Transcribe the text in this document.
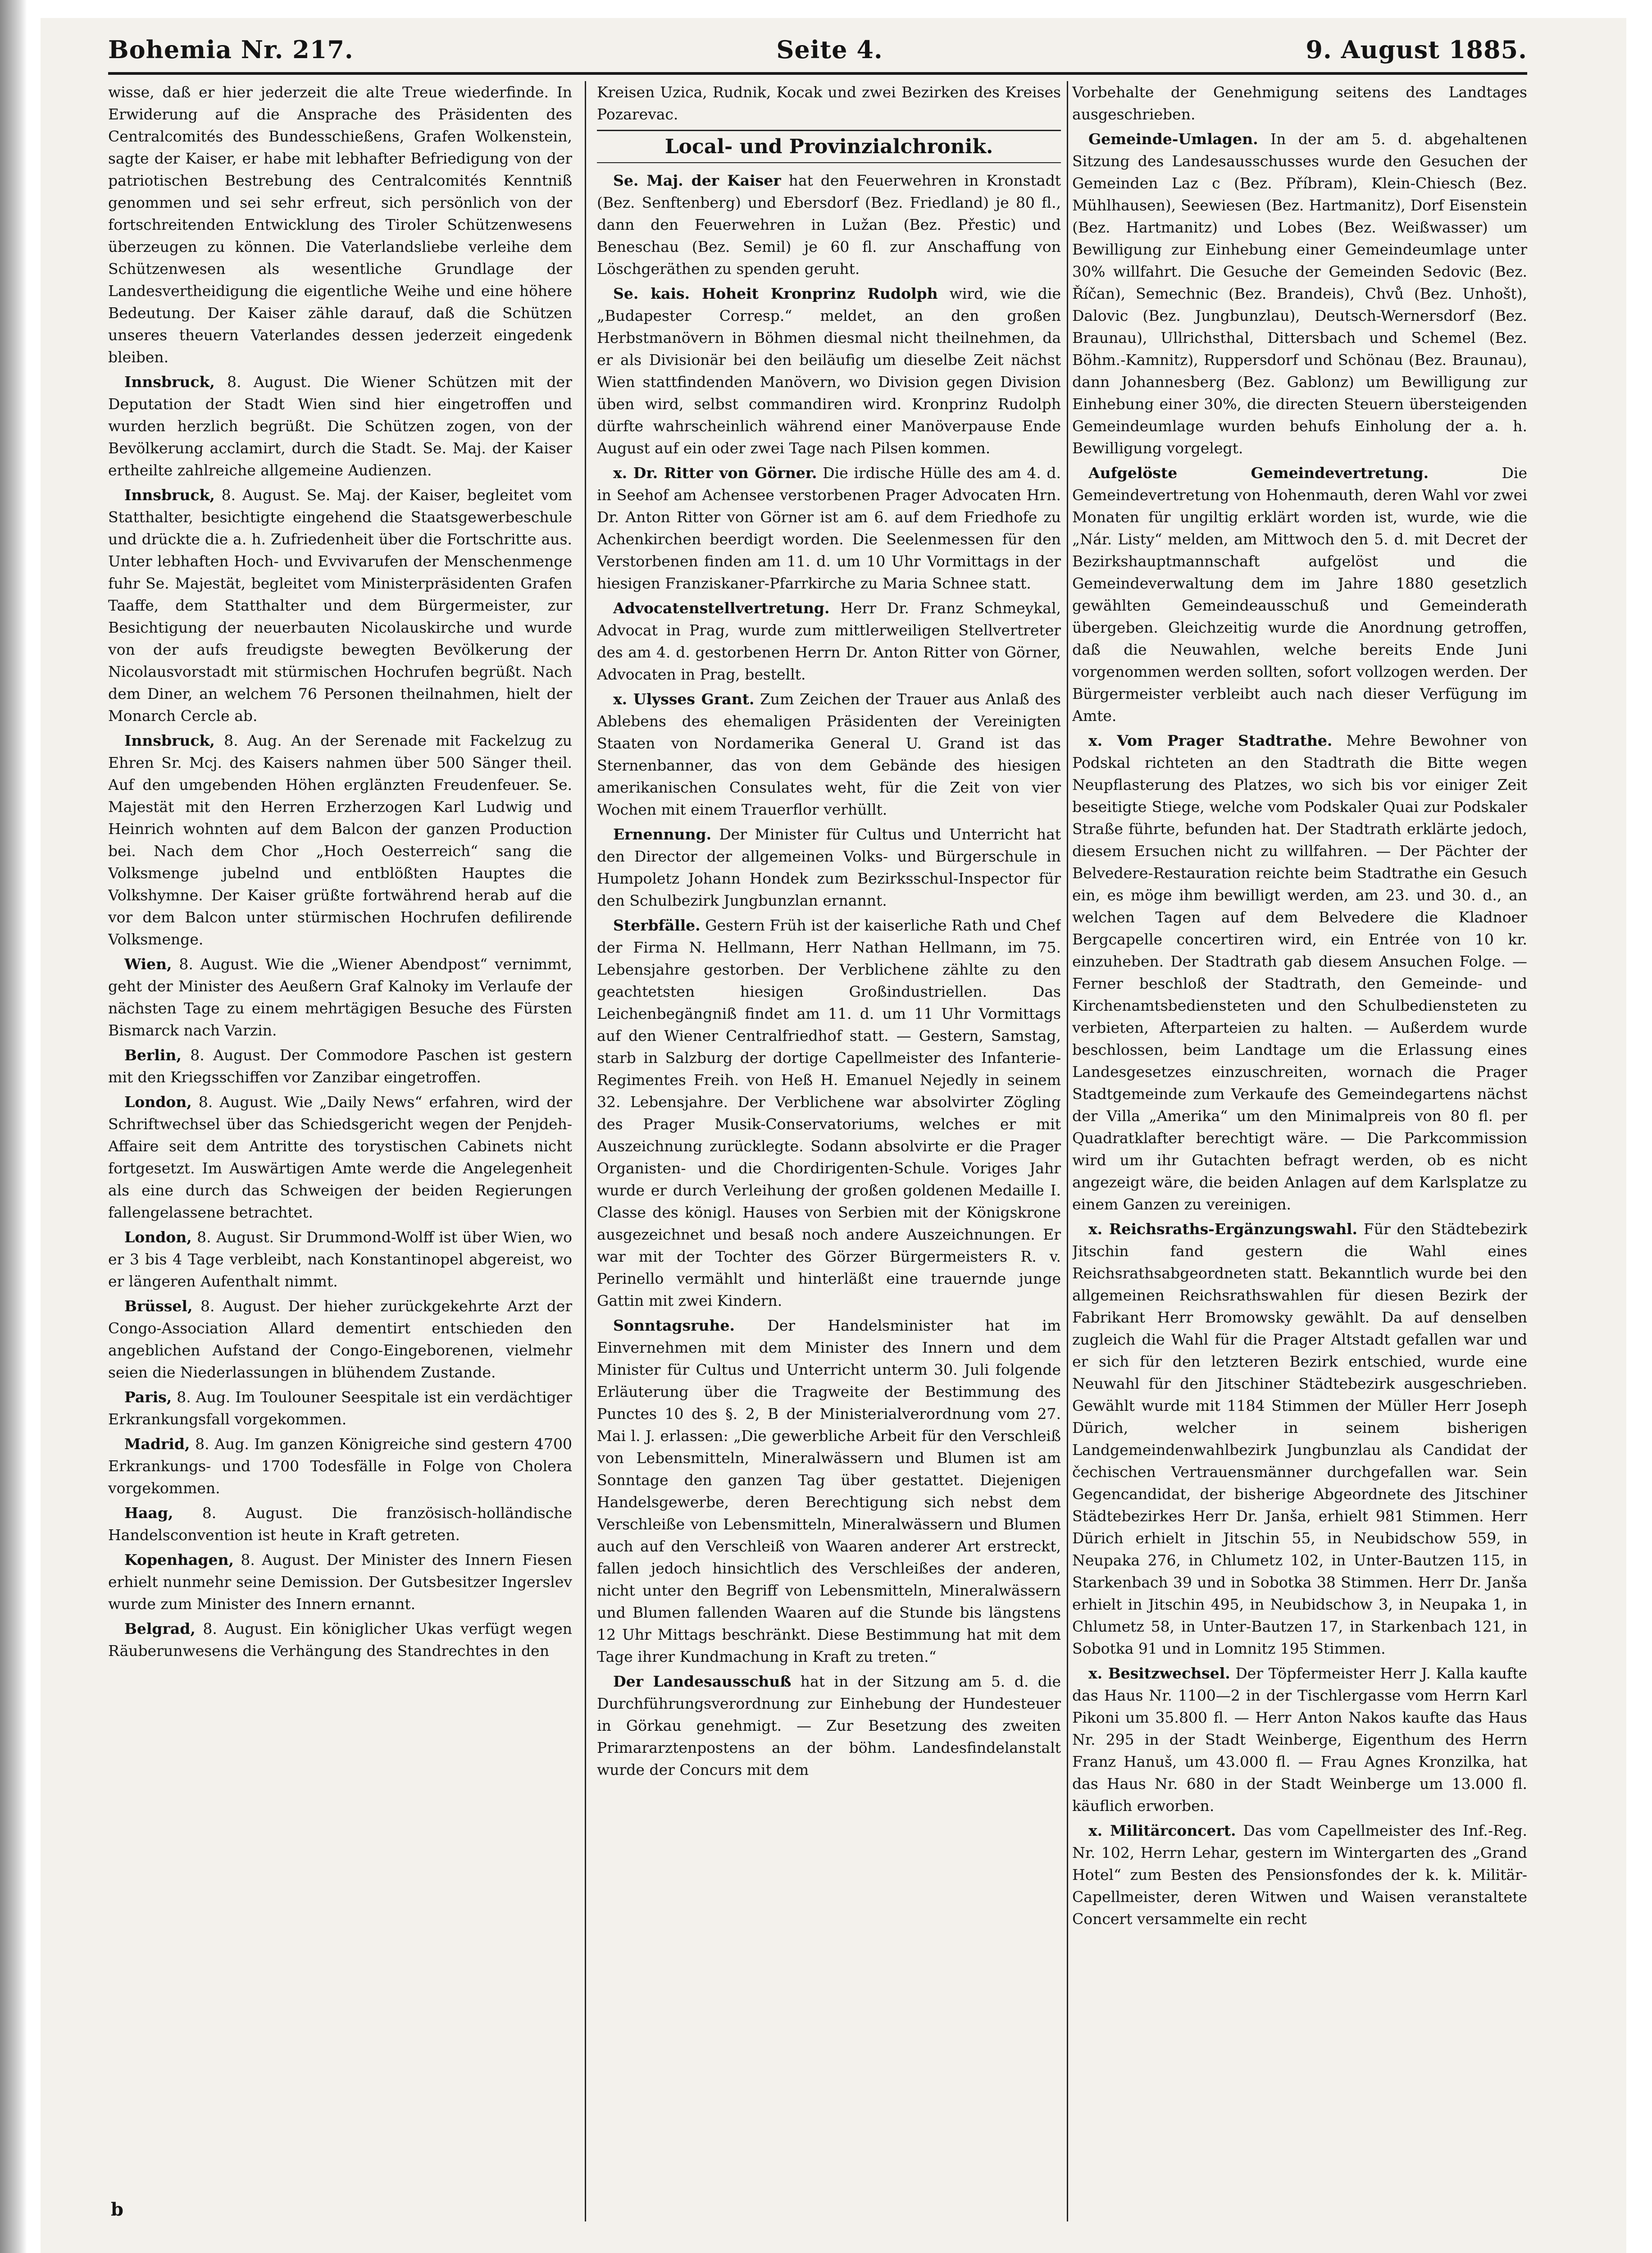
Bohemia Nr. 217.	Seite 4.	9. August 1885.

wisse, daß er hier jederzeit die alte Treue wiederfinde. In Erwiderung auf die Ansprache des Präsidenten des Centralcomités des Bundesschießens, Grafen Wolkenstein, sagte der Kaiser, er habe mit lebhafter Befriedigung von der patriotischen Bestrebung des Centralcomités Kenntniß genommen und sei sehr erfreut, sich persönlich von der fortschreitenden Entwicklung des Tiroler Schützenwesens überzeugen zu können. Die Vaterlandsliebe verleihe dem Schützenwesen als wesentliche Grundlage der Landesvertheidigung die eigentliche Weihe und eine höhere Bedeutung. Der Kaiser zähle darauf, daß die Schützen unseres theuern Vaterlandes dessen jederzeit eingedenk bleiben.

Innsbruck, 8. August. Die Wiener Schützen mit der Deputation der Stadt Wien sind hier eingetroffen und wurden herzlich begrüßt. Die Schützen zogen, von der Bevölkerung acclamirt, durch die Stadt. Se. Maj. der Kaiser ertheilte zahlreiche allgemeine Audienzen.

Innsbruck, 8. August. Se. Maj. der Kaiser, begleitet vom Statthalter, besichtigte eingehend die Staatsgewerbeschule und drückte die a. h. Zufriedenheit über die Fortschritte aus. Unter lebhaften Hoch- und Evvivarufen der Menschenmenge fuhr Se. Majestät, begleitet vom Ministerpräsidenten Grafen Taaffe, dem Statthalter und dem Bürgermeister, zur Besichtigung der neuerbauten Nicolauskirche und wurde von der aufs freudigste bewegten Bevölkerung der Nicolausvorstadt mit stürmischen Hochrufen begrüßt. Nach dem Diner, an welchem 76 Personen theilnahmen, hielt der Monarch Cercle ab.

Innsbruck, 8. Aug. An der Serenade mit Fackelzug zu Ehren Sr. Mcj. des Kaisers nahmen über 500 Sänger theil. Auf den umgebenden Höhen erglänzten Freudenfeuer. Se. Majestät mit den Herren Erzherzogen Karl Ludwig und Heinrich wohnten auf dem Balcon der ganzen Production bei. Nach dem Chor „Hoch Oesterreich“ sang die Volksmenge jubelnd und entblößten Hauptes die Volkshymne. Der Kaiser grüßte fortwährend herab auf die vor dem Balcon unter stürmischen Hochrufen defilirende Volksmenge.

Wien, 8. August. Wie die „Wiener Abendpost“ vernimmt, geht der Minister des Aeußern Graf Kalnoky im Verlaufe der nächsten Tage zu einem mehrtägigen Besuche des Fürsten Bismarck nach Varzin.

Berlin, 8. August. Der Commodore Paschen ist gestern mit den Kriegsschiffen vor Zanzibar eingetroffen.

London, 8. August. Wie „Daily News“ erfahren, wird der Schriftwechsel über das Schiedsgericht wegen der Penjdeh-Affaire seit dem Antritte des torystischen Cabinets nicht fortgesetzt. Im Auswärtigen Amte werde die Angelegenheit als eine durch das Schweigen der beiden Regierungen fallengelassene betrachtet.

London, 8. August. Sir Drummond-Wolff ist über Wien, wo er 3 bis 4 Tage verbleibt, nach Konstantinopel abgereist, wo er längeren Aufenthalt nimmt.

Brüssel, 8. August. Der hieher zurückgekehrte Arzt der Congo-Association Allard dementirt entschieden den angeblichen Aufstand der Congo-Eingeborenen, vielmehr seien die Niederlassungen in blühendem Zustande.

Paris, 8. Aug. Im Toulouner Seespitale ist ein verdächtiger Erkrankungsfall vorgekommen.

Madrid, 8. Aug. Im ganzen Königreiche sind gestern 4700 Erkrankungs- und 1700 Todesfälle in Folge von Cholera vorgekommen.

Haag, 8. August. Die französisch-holländische Handelsconvention ist heute in Kraft getreten.

Kopenhagen, 8. August. Der Minister des Innern Fiesen erhielt nunmehr seine Demission. Der Gutsbesitzer Ingerslev wurde zum Minister des Innern ernannt.

Belgrad, 8. August. Ein königlicher Ukas verfügt wegen Räuberunwesens die Verhängung des Standrechtes in den

Kreisen Uzica, Rudnik, Kocak und zwei Bezirken des Kreises Pozarevac.

Local- und Provinzialchronik.

Se. Maj. der Kaiser hat den Feuerwehren in Kronstadt (Bez. Senftenberg) und Ebersdorf (Bez. Friedland) je 80 fl., dann den Feuerwehren in Lužan (Bez. Přestic) und Beneschau (Bez. Semil) je 60 fl. zur Anschaffung von Löschgeräthen zu spenden geruht.

Se. kais. Hoheit Kronprinz Rudolph wird, wie die „Budapester Corresp.“ meldet, an den großen Herbstmanövern in Böhmen diesmal nicht theilnehmen, da er als Divisionär bei den beiläufig um dieselbe Zeit nächst Wien stattfindenden Manövern, wo Division gegen Division üben wird, selbst commandiren wird. Kronprinz Rudolph dürfte wahrscheinlich während einer Manöverpause Ende August auf ein oder zwei Tage nach Pilsen kommen.

x. Dr. Ritter von Görner. Die irdische Hülle des am 4. d. in Seehof am Achensee verstorbenen Prager Advocaten Hrn. Dr. Anton Ritter von Görner ist am 6. auf dem Friedhofe zu Achenkirchen beerdigt worden. Die Seelenmessen für den Verstorbenen finden am 11. d. um 10 Uhr Vormittags in der hiesigen Franziskaner-Pfarrkirche zu Maria Schnee statt.

Advocatenstellvertretung. Herr Dr. Franz Schmeykal, Advocat in Prag, wurde zum mittlerweiligen Stellvertreter des am 4. d. gestorbenen Herrn Dr. Anton Ritter von Görner, Advocaten in Prag, bestellt.

x. Ulysses Grant. Zum Zeichen der Trauer aus Anlaß des Ablebens des ehemaligen Präsidenten der Vereinigten Staaten von Nordamerika General U. Grand ist das Sternenbanner, das von dem Gebände des hiesigen amerikanischen Consulates weht, für die Zeit von vier Wochen mit einem Trauerflor verhüllt.

Ernennung. Der Minister für Cultus und Unterricht hat den Director der allgemeinen Volks- und Bürgerschule in Humpoletz Johann Hondek zum Bezirksschul-Inspector für den Schulbezirk Jungbunzlan ernannt.

Sterbfälle. Gestern Früh ist der kaiserliche Rath und Chef der Firma N. Hellmann, Herr Nathan Hellmann, im 75. Lebensjahre gestorben. Der Verblichene zählte zu den geachtetsten hiesigen Großindustriellen. Das Leichenbegängniß findet am 11. d. um 11 Uhr Vormittags auf den Wiener Centralfriedhof statt. — Gestern, Samstag, starb in Salzburg der dortige Capellmeister des Infanterie-Regimentes Freih. von Heß H. Emanuel Nejedly in seinem 32. Lebensjahre. Der Verblichene war absolvirter Zögling des Prager Musik-Conservatoriums, welches er mit Auszeichnung zurücklegte. Sodann absolvirte er die Prager Organisten- und die Chordirigenten-Schule. Voriges Jahr wurde er durch Verleihung der großen goldenen Medaille I. Classe des königl. Hauses von Serbien mit der Königskrone ausgezeichnet und besaß noch andere Auszeichnungen. Er war mit der Tochter des Görzer Bürgermeisters R. v. Perinello vermählt und hinterläßt eine trauernde junge Gattin mit zwei Kindern.

Sonntagsruhe. Der Handelsminister hat im Einvernehmen mit dem Minister des Innern und dem Minister für Cultus und Unterricht unterm 30. Juli folgende Erläuterung über die Tragweite der Bestimmung des Punctes 10 des §. 2, B der Ministerialverordnung vom 27. Mai l. J. erlassen: „Die gewerbliche Arbeit für den Verschleiß von Lebensmitteln, Mineralwässern und Blumen ist am Sonntage den ganzen Tag über gestattet. Diejenigen Handelsgewerbe, deren Berechtigung sich nebst dem Verschleiße von Lebensmitteln, Mineralwässern und Blumen auch auf den Verschleiß von Waaren anderer Art erstreckt, fallen jedoch hinsichtlich des Verschleißes der anderen, nicht unter den Begriff von Lebensmitteln, Mineralwässern und Blumen fallenden Waaren auf die Stunde bis längstens 12 Uhr Mittags beschränkt. Diese Bestimmung hat mit dem Tage ihrer Kundmachung in Kraft zu treten.“

Der Landesausschuß hat in der Sitzung am 5. d. die Durchführungsverordnung zur Einhebung der Hundesteuer in Görkau genehmigt. — Zur Besetzung des zweiten Primararztenpostens an der böhm. Landesfindelanstalt wurde der Concurs mit dem

Vorbehalte der Genehmigung seitens des Landtages ausgeschrieben.

Gemeinde-Umlagen. In der am 5. d. abgehaltenen Sitzung des Landesausschusses wurde den Gesuchen der Gemeinden Laz c (Bez. Příbram), Klein-Chiesch (Bez. Mühlhausen), Seewiesen (Bez. Hartmanitz), Dorf Eisenstein (Bez. Hartmanitz) und Lobes (Bez. Weißwasser) um Bewilligung zur Einhebung einer Gemeindeumlage unter 30% willfahrt. Die Gesuche der Gemeinden Sedovic (Bez. Říčan), Semechnic (Bez. Brandeis), Chvů (Bez. Unhošt), Dalovic (Bez. Jungbunzlau), Deutsch-Wernersdorf (Bez. Braunau), Ullrichsthal, Dittersbach und Schemel (Bez. Böhm.-Kamnitz), Ruppersdorf und Schönau (Bez. Braunau), dann Johannesberg (Bez. Gablonz) um Bewilligung zur Einhebung einer 30%, die directen Steuern übersteigenden Gemeindeumlage wurden behufs Einholung der a. h. Bewilligung vorgelegt.

Aufgelöste Gemeindevertretung. Die Gemeindevertretung von Hohenmauth, deren Wahl vor zwei Monaten für ungiltig erklärt worden ist, wurde, wie die „Nár. Listy“ melden, am Mittwoch den 5. d. mit Decret der Bezirkshauptmannschaft aufgelöst und die Gemeindeverwaltung dem im Jahre 1880 gesetzlich gewählten Gemeindeausschuß und Gemeinderath übergeben. Gleichzeitig wurde die Anordnung getroffen, daß die Neuwahlen, welche bereits Ende Juni vorgenommen werden sollten, sofort vollzogen werden. Der Bürgermeister verbleibt auch nach dieser Verfügung im Amte.

x. Vom Prager Stadtrathe. Mehre Bewohner von Podskal richteten an den Stadtrath die Bitte wegen Neupflasterung des Platzes, wo sich bis vor einiger Zeit beseitigte Stiege, welche vom Podskaler Quai zur Podskaler Straße führte, befunden hat. Der Stadtrath erklärte jedoch, diesem Ersuchen nicht zu willfahren. — Der Pächter der Belvedere-Restauration reichte beim Stadtrathe ein Gesuch ein, es möge ihm bewilligt werden, am 23. und 30. d., an welchen Tagen auf dem Belvedere die Kladnoer Bergcapelle concertiren wird, ein Entrée von 10 kr. einzuheben. Der Stadtrath gab diesem Ansuchen Folge. — Ferner beschloß der Stadtrath, den Gemeinde- und Kirchenamtsbediensteten und den Schulbediensteten zu verbieten, Afterparteien zu halten. — Außerdem wurde beschlossen, beim Landtage um die Erlassung eines Landesgesetzes einzuschreiten, wornach die Prager Stadtgemeinde zum Verkaufe des Gemeindegartens nächst der Villa „Amerika“ um den Minimalpreis von 80 fl. per Quadratklafter berechtigt wäre. — Die Parkcommission wird um ihr Gutachten befragt werden, ob es nicht angezeigt wäre, die beiden Anlagen auf dem Karlsplatze zu einem Ganzen zu vereinigen.

x. Reichsraths-Ergänzungswahl. Für den Städtebezirk Jitschin fand gestern die Wahl eines Reichsrathsabgeordneten statt. Bekanntlich wurde bei den allgemeinen Reichsrathswahlen für diesen Bezirk der Fabrikant Herr Bromowsky gewählt. Da auf denselben zugleich die Wahl für die Prager Altstadt gefallen war und er sich für den letzteren Bezirk entschied, wurde eine Neuwahl für den Jitschiner Städtebezirk ausgeschrieben. Gewählt wurde mit 1184 Stimmen der Müller Herr Joseph Dürich, welcher in seinem bisherigen Landgemeindenwahlbezirk Jungbunzlau als Candidat der čechischen Vertrauensmänner durchgefallen war. Sein Gegencandidat, der bisherige Abgeordnete des Jitschiner Städtebezirkes Herr Dr. Janša, erhielt 981 Stimmen. Herr Dürich erhielt in Jitschin 55, in Neubidschow 559, in Neupaka 276, in Chlumetz 102, in Unter-Bautzen 115, in Starkenbach 39 und in Sobotka 38 Stimmen. Herr Dr. Janša erhielt in Jitschin 495, in Neubidschow 3, in Neupaka 1, in Chlumetz 58, in Unter-Bautzen 17, in Starkenbach 121, in Sobotka 91 und in Lomnitz 195 Stimmen.

x. Besitzwechsel. Der Töpfermeister Herr J. Kalla kaufte das Haus Nr. 1100—2 in der Tischlergasse vom Herrn Karl Pikoni um 35.800 fl. — Herr Anton Nakos kaufte das Haus Nr. 295 in der Stadt Weinberge, Eigenthum des Herrn Franz Hanuš, um 43.000 fl. — Frau Agnes Kronzilka, hat das Haus Nr. 680 in der Stadt Weinberge um 13.000 fl. käuflich erworben.

x. Militärconcert. Das vom Capellmeister des Inf.-Reg. Nr. 102, Herrn Lehar, gestern im Wintergarten des „Grand Hotel“ zum Besten des Pensionsfondes der k. k. Militär-Capellmeister, deren Witwen und Waisen veranstaltete Concert versammelte ein recht

b
